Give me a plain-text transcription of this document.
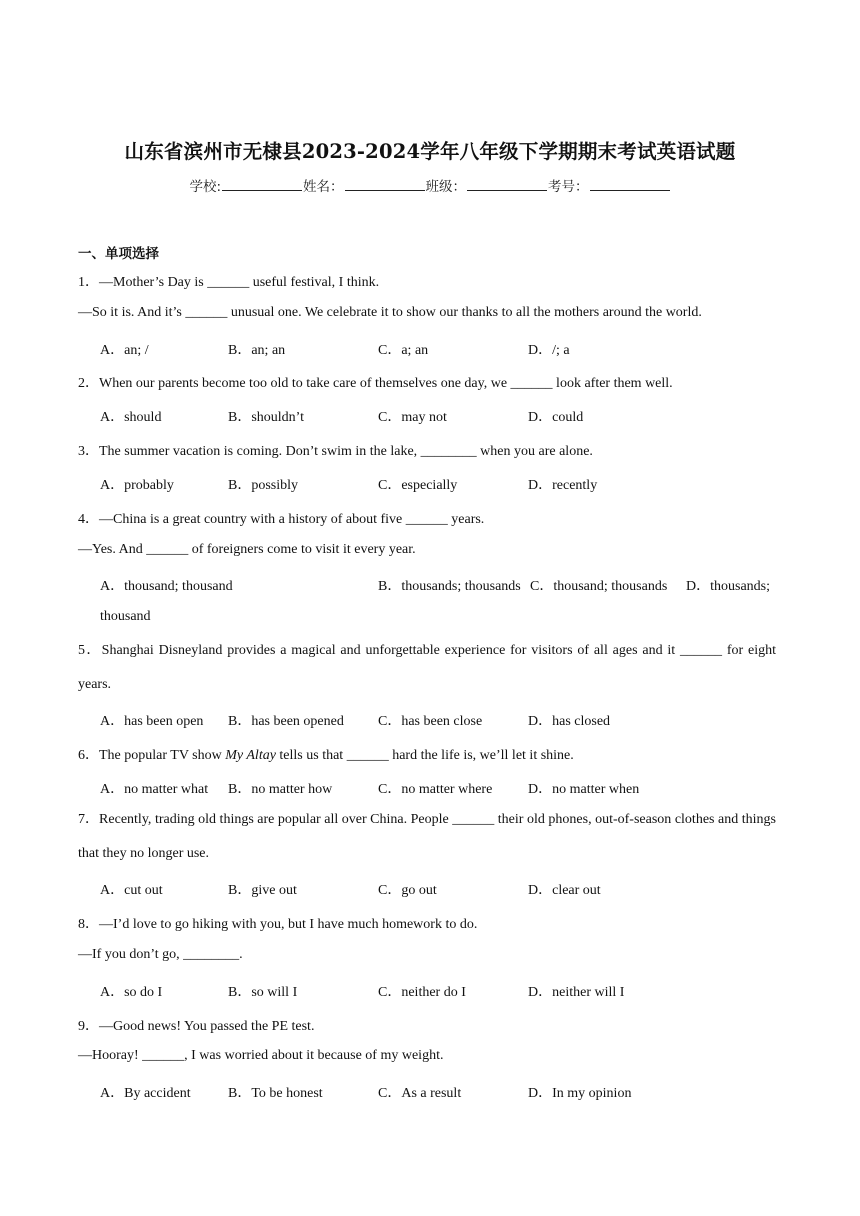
山东省滨州市无棣县2023-2024学年八年级下学期期末考试英语试题
学校:	姓名：	班级：	考号：
一、单项选择
1．—Mother’s Day is ______ useful festival, I think.
—So it is. And it’s ______ unusual one. We celebrate it to show our thanks to all the mothers around the world.
A．an; /	B．an; an	C．a; an	D．/; a
2．When our parents become too old to take care of themselves one day, we ______ look after them well.
A．should	B．shouldn’t	C．may not	D．could
3．The summer vacation is coming. Don’t swim in the lake, ________ when you are alone.
A．probably	B．possibly	C．especially	D．recently
4．—China is a great country with a history of about five ______ years.
—Yes. And ______ of foreigners come to visit it every year.
A．thousand; thousand	B．thousands; thousands C．thousand; thousands D．thousands;
thousand
5．Shanghai Disneyland provides a magical and unforgettable experience for visitors of all ages and it ______ for eight years.
A．has been open B．has been opened C．has been close	D．has closed
6．The popular TV show My Altay tells us that ______ hard the life is, we’ll let it shine.
A．no matter what B．no matter how	C．no matter where	D．no matter when
7．Recently, trading old things are popular all over China. People ______ their old phones, out-of-season clothes and things that they no longer use.
A．cut out	B．give out	C．go out	D．clear out
8．—I’d love to go hiking with you, but I have much homework to do.
—If you don’t go, ________.
A．so do I	B．so will I	C．neither do I	D．neither will I
9．—Good news! You passed the PE test.
—Hooray! ______, I was worried about it because of my weight.
A．By accident	B．To be honest	C．As a result	D．In my opinion
